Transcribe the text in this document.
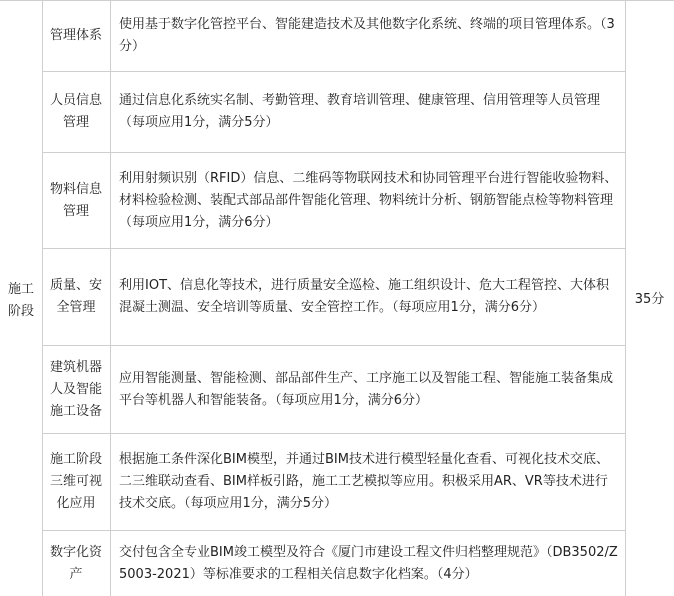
施工阶段
管理体系
使用基于数字化管控平台、智能建造技术及其他数字化系统、终端的项目管理体系。（3分）
人员信息管理
通过信息化系统实名制、考勤管理、教育培训管理、健康管理、信用管理等人员管理（每项应用1分，满分5分）
物料信息管理
利用射频识别（RFID）信息、二维码等物联网技术和协同管理平台进行智能收验物料、材料检验检测、装配式部品部件智能化管理、物料统计分析、钢筋智能点检等物料管理（每项应用1分，满分6分）
质量、安全管理
利用IOT、信息化等技术，进行质量安全巡检、施工组织设计、危大工程管控、大体积混凝土测温、安全培训等质量、安全管控工作。（每项应用1分，满分6分）
建筑机器人及智能施工设备
应用智能测量、智能检测、部品部件生产、工序施工以及智能工程、智能施工装备集成平台等机器人和智能装备。（每项应用1分，满分6分）
施工阶段三维可视化应用
根据施工条件深化BIM模型，并通过BIM技术进行模型轻量化查看、可视化技术交底、二三维联动查看、BIM样板引路，施工工艺模拟等应用。积极采用AR、VR等技术进行技术交底。（每项应用1分，满分5分）
数字化资产
交付包含全专业BIM竣工模型及符合《厦门市建设工程文件归档整理规范》（DB3502/Z 5003-2021）等标准要求的工程相关信息数字化档案。（4分）
35分
